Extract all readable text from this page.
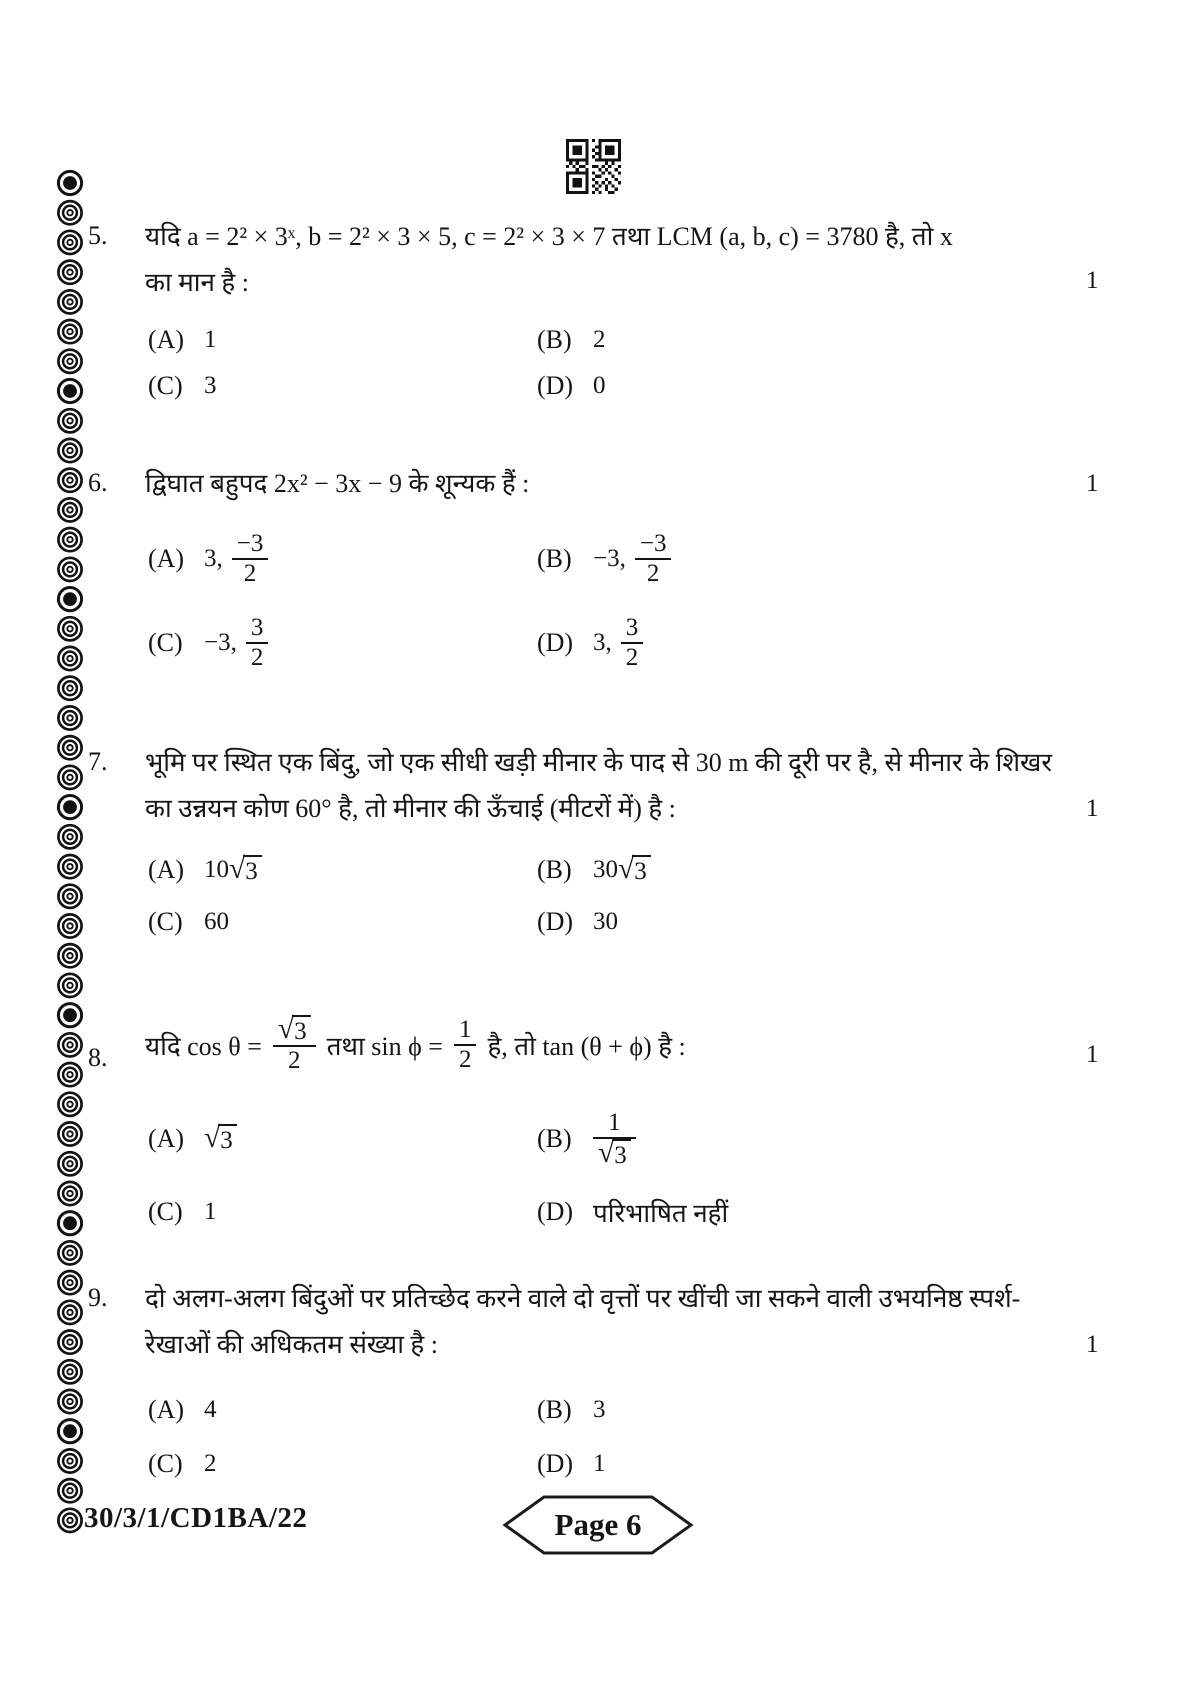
5. यदि a = 2² × 3ˣ, b = 2² × 3 × 5, c = 2² × 3 × 7 तथा LCM (a, b, c) = 3780 है, तो x

का मान है :	1
(A) 1	(B) 2
(C) 3	(D) 0
6. द्विघात बहुपद 2x² − 3x − 9 के शून्यक हैं :	1
(A) 3, $\frac{-3}{2}$	(B) −3, $\frac{-3}{2}$
(C) −3, $\frac{3}{2}$	(D) 3, $\frac{3}{2}$
7. भूमि पर स्थित एक बिंदु, जो एक सीधी खड़ी मीनार के पाद से 30 m की दूरी पर है, से मीनार के शिखर

का उन्नयन कोण 60° है, तो मीनार की ऊँचाई (मीटरों में) है :	1
(A) 10 √ 3	(B) 30 √ 3
(C) 60	(D) 30
8. यदि $\cos \theta = \frac{√ 3}{2}$ तथा $\sin \phi = \frac{1}{2}$ है, तो tan (θ + ϕ) है :	1
(A) √ 3	$(B) \frac{1}{√ 3}$
(C) 1	(D) परिभाषित नहीं
9. दो अलग-अलग बिंदुओं पर प्रतिच्छेद करने वाले दो वृत्तों पर खींची जा सकने वाली उभयनिष्ठ स्पर्श-

रेखाओं की अधिकतम संख्या है :	1
(A) 4	(B) 3
(C) 2	(D) 1
30/3/1/CD1BA/22	Page 6
